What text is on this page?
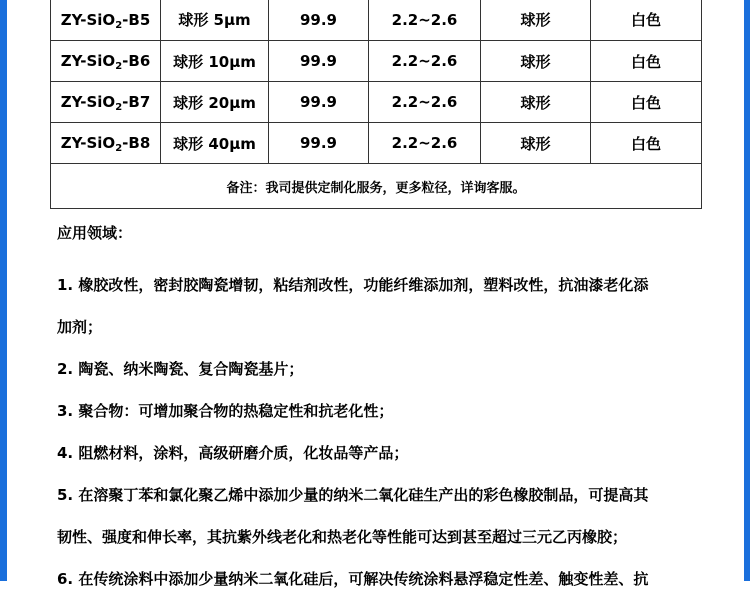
ZY-SiO$_2$-B5	球形 5μm	99.9	2.2~2.6	球形	白色
ZY-SiO$_2$-B6	球形 10μm	99.9	2.2~2.6	球形	白色
ZY-SiO$_2$-B7	球形 20μm	99.9	2.2~2.6	球形	白色
ZY-SiO$_2$-B8	球形 40μm	99.9	2.2~2.6	球形	白色
备注：我司提供定制化服务，更多粒径，详询客服。					

应用领域：

1. 橡胶改性，密封胶陶瓷增韧，粘结剂改性，功能纤维添加剂，塑料改性，抗油漆老化添

加剂；

2. 陶瓷、纳米陶瓷、复合陶瓷基片；

3. 聚合物：可增加聚合物的热稳定性和抗老化性；

4. 阻燃材料，涂料，高级研磨介质，化妆品等产品；

5. 在溶聚丁苯和氯化聚乙烯中添加少量的纳米二氧化硅生产出的彩色橡胶制品，可提高其

韧性、强度和伸长率，其抗紫外线老化和热老化等性能可达到甚至超过三元乙丙橡胶；

6. 在传统涂料中添加少量纳米二氧化硅后，可解决传统涂料悬浮稳定性差、触变性差、抗
